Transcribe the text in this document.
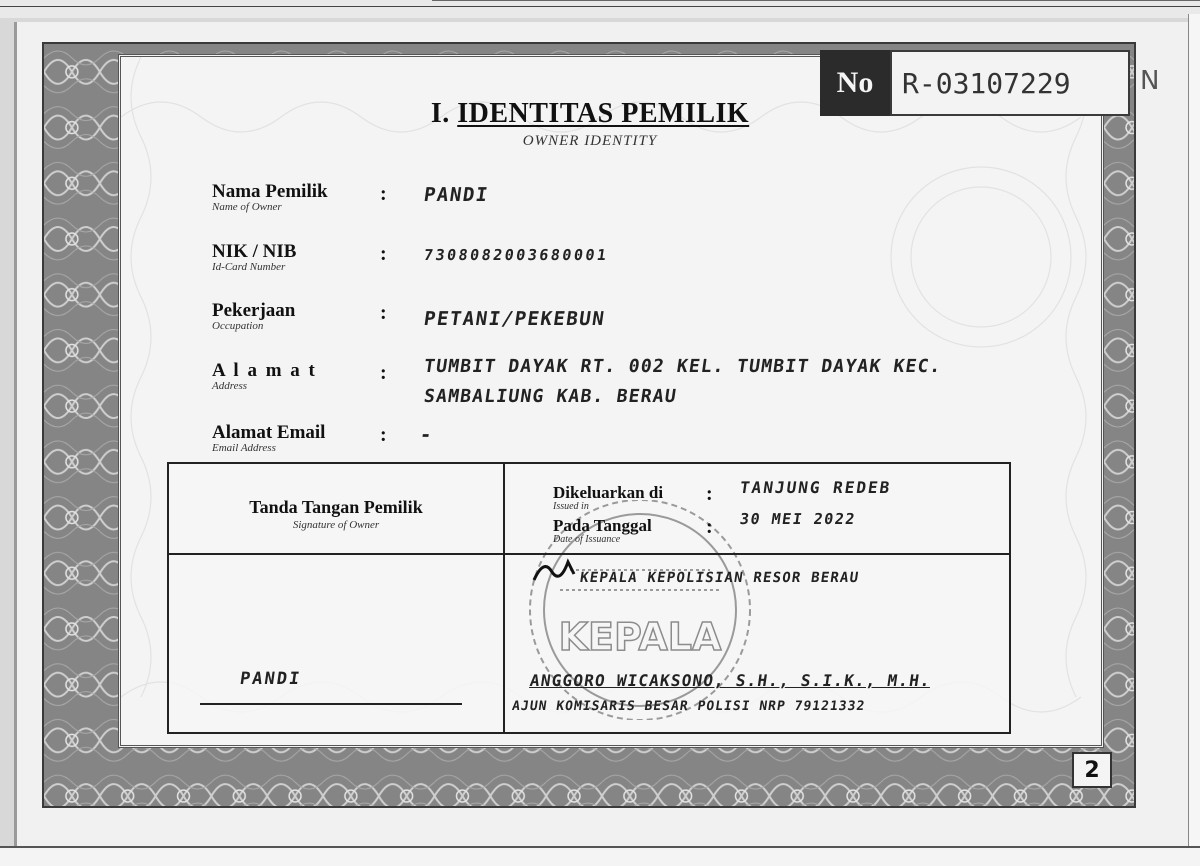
No	R-03107229	N
I. IDENTITAS PEMILIK
OWNER IDENTITY
Nama Pemilik
Name of Owner
: PANDI
NIK / NIB
Id-Card Number
: 7308082003680001
Pekerjaan
Occupation
: PETANI/PEKEBUN
A l a m a t
Address
: TUMBIT DAYAK RT. 002 KEL. TUMBIT DAYAK KEC.
SAMBALIUNG KAB. BERAU
Alamat Email
Email Address
: -
KEPALA
Tanda Tangan Pemilik
Signature of Owner
PANDI
Dikeluarkan di
Issued in
: TANJUNG REDEB
Pada Tanggal
Date of Issuance
: 30 MEI 2022
KEPALA KEPOLISIAN RESOR BERAU
ANGGORO WICAKSONO, S.H., S.I.K., M.H.
AJUN KOMISARIS BESAR POLISI NRP 79121332
2
